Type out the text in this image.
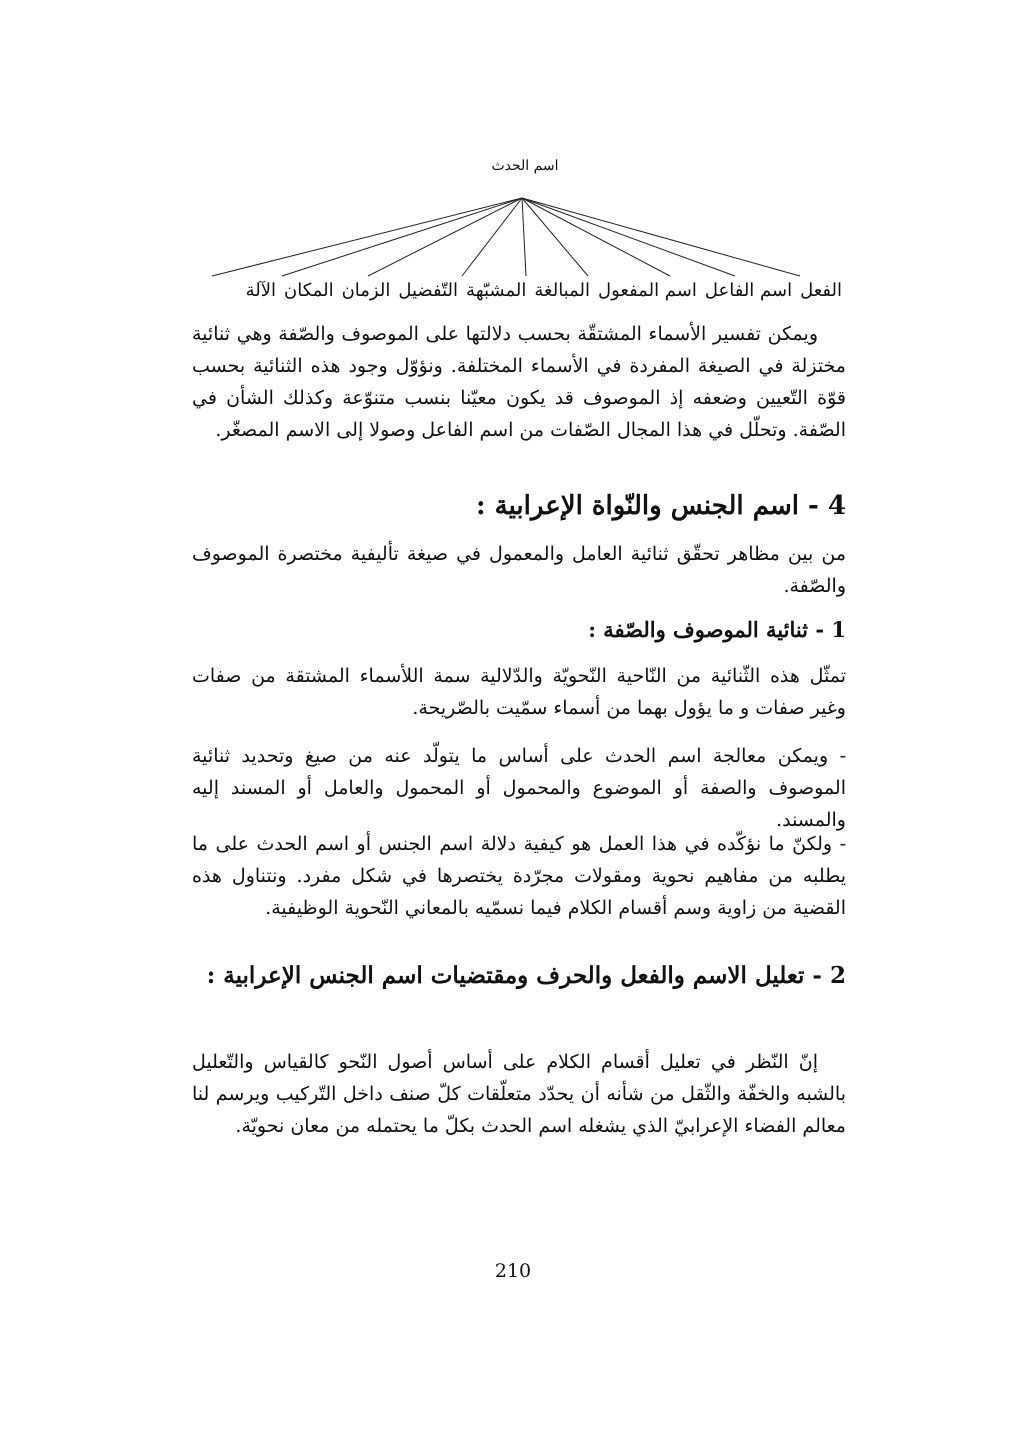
اسم الحدث
الفعل
اسم الفاعل
اسم المفعول
المبالغة
المشبّهة
التّفضيل
الزمان
المكان
الآلة

ويمكن تفسير الأسماء المشتقّة بحسب دلالتها على الموصوف والصّفة وهي ثنائية مختزلة في الصيغة المفردة في الأسماء المختلفة. ونؤوّل وجود هذه الثنائية بحسب قوّة التّعيين وضعفه إذ الموصوف قد يكون معيّنا بنسب متنوّعة وكذلك الشأن في الصّفة. وتحلّل في هذا المجال الصّفات من اسم الفاعل وصولا إلى الاسم المصغّر.

4 - اسم الجنس والنّواة الإعرابية :

من بين مظاهر تحقّق ثنائية العامل والمعمول في صيغة تأليفية مختصرة الموصوف والصّفة.

1 - ثنائية الموصوف والصّفة :

تمثّل هذه الثّنائية من النّاحية النّحويّة والدّلالية سمة اللأسماء المشتقة من صفات وغير صفات و ما يؤول بهما من أسماء سمّيت بالصّريحة.

- ويمكن معالجة اسم الحدث على أساس ما يتولّد عنه من صيغ وتحديد ثنائية الموصوف والصفة أو الموضوع والمحمول أو المحمول والعامل أو المسند إليه والمسند.

- ولكنّ ما نؤكّده في هذا العمل هو كيفية دلالة اسم الجنس أو اسم الحدث على ما يطلبه من مفاهيم نحوية ومقولات مجرّدة يختصرها في شكل مفرد. ونتناول هذه القضية من زاوية وسم أقسام الكلام فيما نسمّيه بالمعاني النّحوية الوظيفية.

2 - تعليل الاسم والفعل والحرف ومقتضيات اسم الجنس الإعرابية :

إنّ النّظر في تعليل أقسام الكلام على أساس أصول النّحو كالقياس والتّعليل بالشبه والخفّة والثّقل من شأنه أن يحدّد متعلّقات كلّ صنف داخل التّركيب ويرسم لنا معالم الفضاء الإعرابيّ الذي يشغله اسم الحدث بكلّ ما يحتمله من معان نحويّة.

210
